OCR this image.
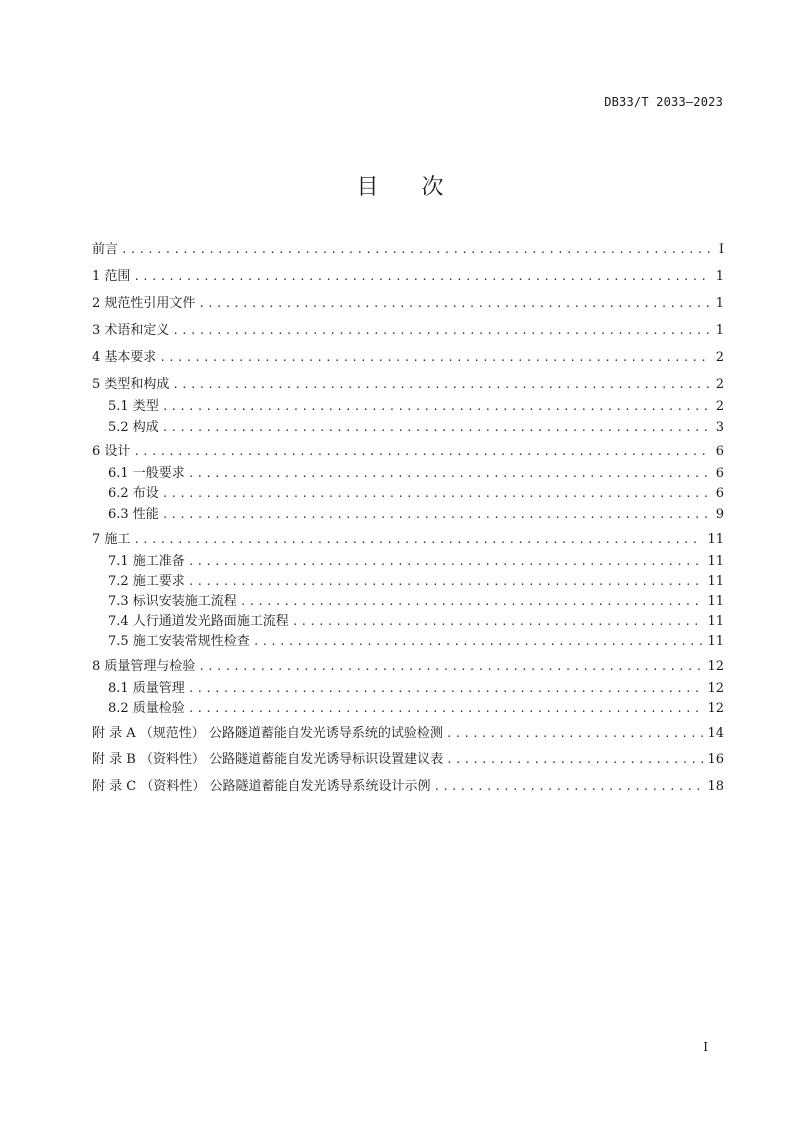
DB33/T 2033—2023
目 次
前言 .....	I
1 范围 .....	1
2 规范性引用文件 .....	1
3 术语和定义 .....	1
4 基本要求 .....	2
5 类型和构成 .....	2
5.1 类型 .....	2
5.2 构成 .....	3
6 设计 .....	6
6.1 一般要求 .....	6
6.2 布设 .....	6
6.3 性能 .....	9
7 施工 .....	11
7.1 施工准备 .....	11
7.2 施工要求 .....	11
7.3 标识安装施工流程 .....	11
7.4 人行通道发光路面施工流程 .....	11
7.5 施工安装常规性检查 .....	11
8 质量管理与检验 .....	12
8.1 质量管理 .....	12
8.2 质量检验 .....	12
附 录 A （规范性） 公路隧道蓄能自发光诱导系统的试验检测 .....	14
附 录 B （资料性） 公路隧道蓄能自发光诱导标识设置建议表 .....	16
附 录 C （资料性） 公路隧道蓄能自发光诱导系统设计示例 .....	18
I
